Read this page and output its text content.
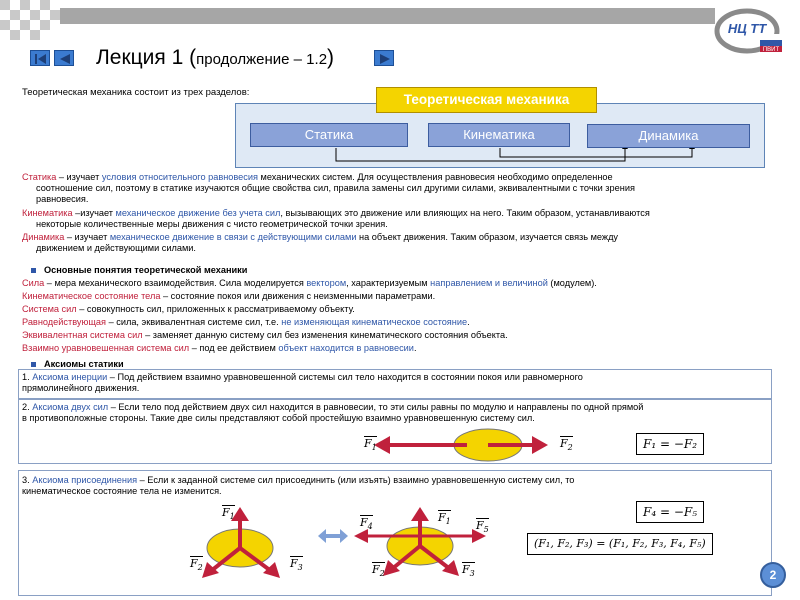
НЦ ТТ
ПВИТ
Лекция 1 (продолжение – 1.2)
Теоретическая механика состоит из трех разделов:	Теоретическая механика
Статика	Кинематика	Динамика
Статика – изучает условия относительного равновесия механических систем. Для осуществления равновесия необходимо определенное
соотношение сил, поэтому в статике изучаются общие свойства сил, правила замены сил другими силами, эквивалентными с точки зрения
равновесия.
Кинематика –изучает механическое движение без учета сил, вызывающих это движение или влияющих на него. Таким образом, устанавливаются
некоторые количественные меры движения с чисто геометрической точки зрения.
Динамика – изучает механическое движение в связи с действующими силами на объект движения. Таким образом, изучается связь между
движением и действующими силами.
Основные понятия теоретической механики
Сила – мера механического взаимодействия. Сила моделируется вектором, характеризуемым направлением и величиной (модулем).
Кинематическое состояние тела – состояние покоя или движения с неизменными параметрами.
Система сил – совокупность сил, приложенных к рассматриваемому объекту.
Равнодействующая – сила, эквивалентная системе сил, т.е. не изменяющая кинематическое состояние.
Эквивалентная система сил – заменяет данную систему сил без изменения кинематического состояния объекта.
Взаимно уравновешенная система сил – под ее действием объект находится в равновесии.
Аксиомы статики
1. Аксиома инерции – Под действием взаимно уравновешенной системы сил тело находится в состоянии покоя или равномерного
прямолинейного движения.
2. Аксиома двух сил – Если тело под действием двух сил находится в равновесии, то эти силы равны по модулю и направлены по одной прямой
в противоположные стороны. Такие две силы представляют собой простейшую взаимно уравновешенную систему сил.
$F_1$	$F_2$	F₁ = −F₂
3. Аксиома присоединения – Если к заданной системе сил присоединить (или изъять) взаимно уравновешенную систему сил, то
кинематическое состояние тела не изменится.
$F_1$
$F_2$	$F_3$
$F_4$
$F_1$ $F_5$
$F_2$	$F_3$
F₄ = −F₅
(F₁, F₂, F₃) = (F₁, F₂, F₃, F₄, F₅)
2
